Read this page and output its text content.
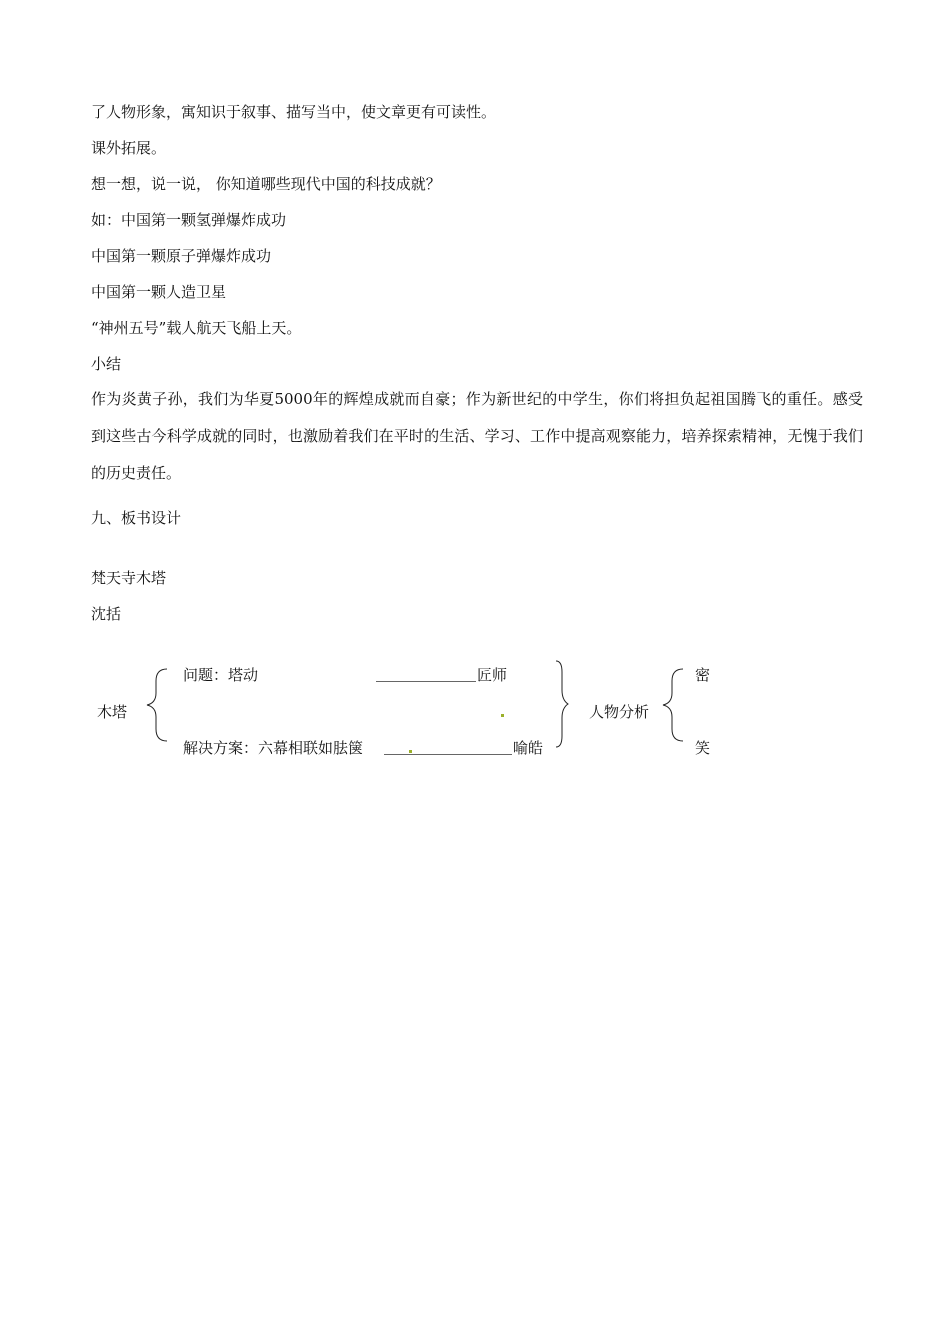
了人物形象，寓知识于叙事、描写当中，使文章更有可读性。
课外拓展。
想一想，说一说， 你知道哪些现代中国的科技成就？
如：中国第一颗氢弹爆炸成功
中国第一颗原子弹爆炸成功
中国第一颗人造卫星
“神州五号”载人航天飞船上天。
小结
作为炎黄子孙，我们为华夏5000年的辉煌成就而自豪；作为新世纪的中学生，你们将担负起祖国腾飞的重任。感受到这些古今科学成就的同时，也激励着我们在平时的生活、学习、工作中提高观察能力，培养探索精神，无愧于我们的历史责任。
九、板书设计
梵天寺木塔
沈括
木塔
问题：塔动	匠师
解决方案：六幕相联如胠箧	喻皓
人物分析
密
笑
